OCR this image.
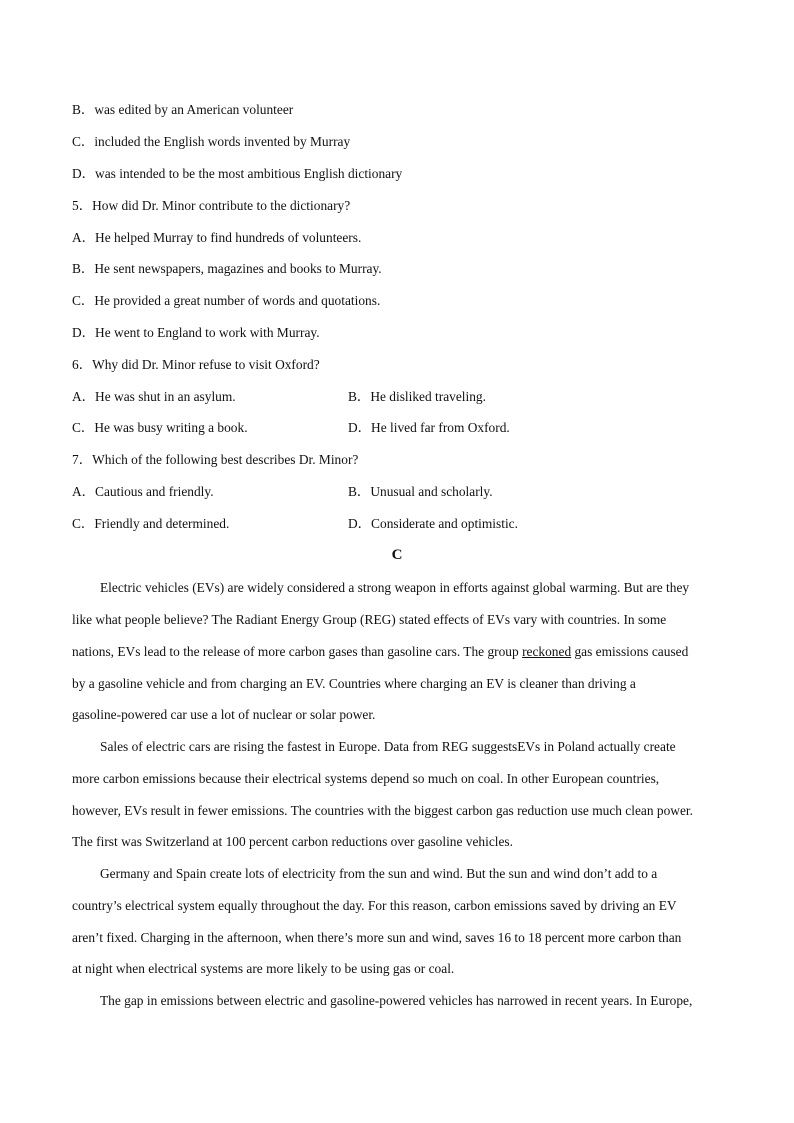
B．was edited by an American volunteer
C．included the English words invented by Murray
D．was intended to be the most ambitious English dictionary
5．How did Dr. Minor contribute to the dictionary?
A．He helped Murray to find hundreds of volunteers.
B．He sent newspapers, magazines and books to Murray.
C．He provided a great number of words and quotations.
D．He went to England to work with Murray.
6．Why did Dr. Minor refuse to visit Oxford?
A．He was shut in an asylum.	B．He disliked traveling.
C．He was busy writing a book.	D．He lived far from Oxford.
7．Which of the following best describes Dr. Minor?
A．Cautious and friendly.	B．Unusual and scholarly.
C．Friendly and determined.	D．Considerate and optimistic.
C
Electric vehicles (EVs) are widely considered a strong weapon in efforts against global warming. But are they
like what people believe? The Radiant Energy Group (REG) stated effects of EVs vary with countries. In some
nations, EVs lead to the release of more carbon gases than gasoline cars. The group reckoned gas emissions caused
by a gasoline vehicle and from charging an EV. Countries where charging an EV is cleaner than driving a
gasoline-powered car use a lot of nuclear or solar power.
Sales of electric cars are rising the fastest in Europe. Data from REG suggestsEVs in Poland actually create
more carbon emissions because their electrical systems depend so much on coal. In other European countries,
however, EVs result in fewer emissions. The countries with the biggest carbon gas reduction use much clean power.
The first was Switzerland at 100 percent carbon reductions over gasoline vehicles.
Germany and Spain create lots of electricity from the sun and wind. But the sun and wind don’t add to a
country’s electrical system equally throughout the day. For this reason, carbon emissions saved by driving an EV
aren’t fixed. Charging in the afternoon, when there’s more sun and wind, saves 16 to 18 percent more carbon than
at night when electrical systems are more likely to be using gas or coal.
The gap in emissions between electric and gasoline-powered vehicles has narrowed in recent years. In Europe,
